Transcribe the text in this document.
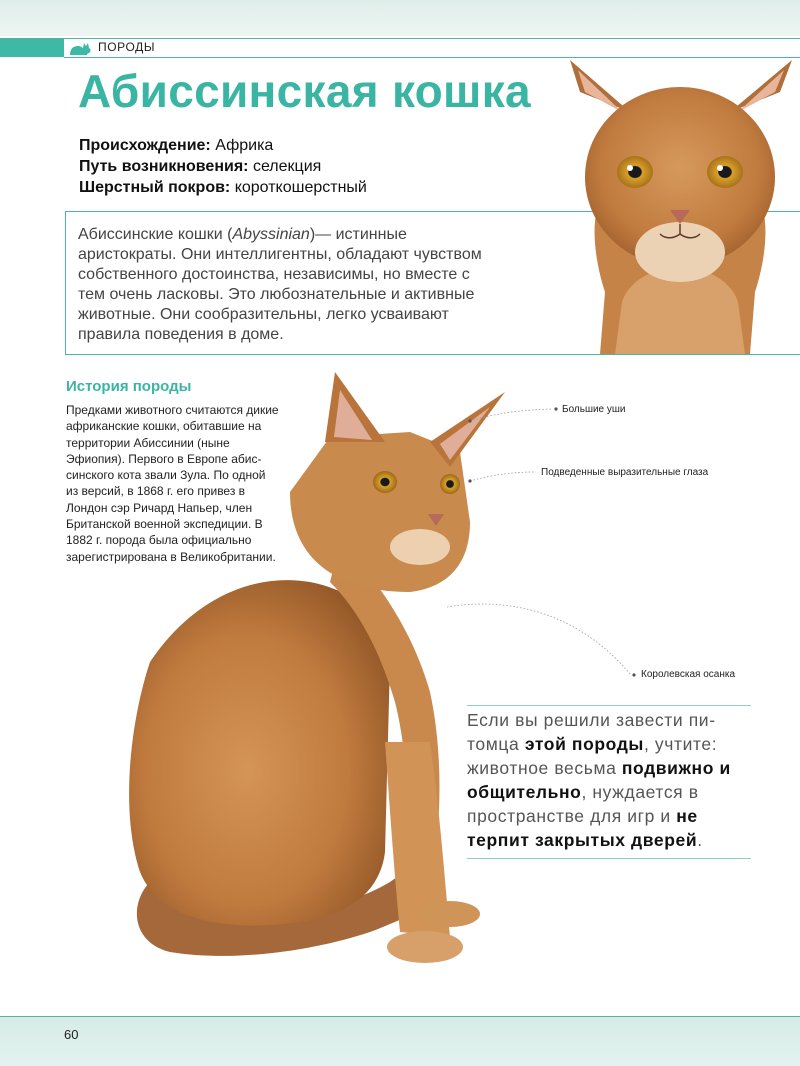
ПОРОДЫ
Абиссинская кошка
Происхождение: Африка
Путь возникновения: селекция
Шерстный покров: короткошерстный

Абиссинские кошки (Abyssinian)— истинные аристократы. Они интеллигентны, обладают чувством собственного достоинства, независимы, но вместе с тем очень ласковы. Это любознательные и активные животные. Они сообразительны, легко усваивают правила поведения в доме.

История породы

Предками животного считаются дикие африканские кошки, обитавшие на территории Абиссинии (ныне Эфиопия). Первого в Европе абиссинского кота звали Зула. По одной из версий, в 1868 г. его привез в Лондон сэр Ричард Напьер, член Британской военной экспедиции. В 1882 г. порода была официально зарегистрирована в Великобритании.

Большие уши
Подведенные выразительные глаза
Королевская осанка

Если вы решили завести питомца этой породы, учтите: животное весьма подвижно и общительно, нуждается в пространстве для игр и не терпит закрытых дверей.

60
